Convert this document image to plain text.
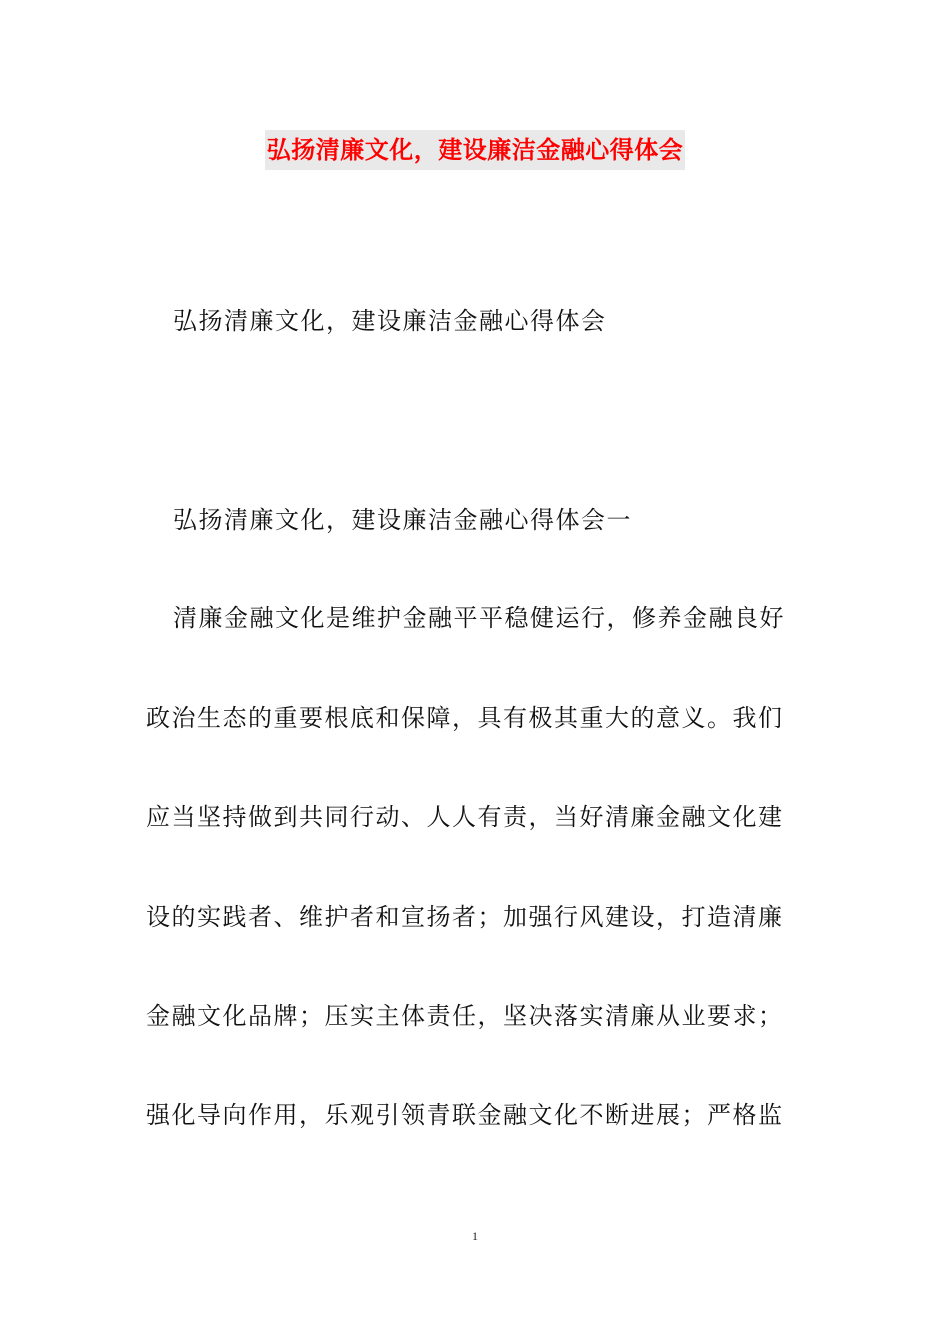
弘扬清廉文化，建设廉洁金融心得体会
弘扬清廉文化，建设廉洁金融心得体会
弘扬清廉文化，建设廉洁金融心得体会一
清廉金融文化是维护金融平平稳健运行，修养金融良好
政治生态的重要根底和保障，具有极其重大的意义。我们
应当坚持做到共同行动、人人有责，当好清廉金融文化建
设的实践者、维护者和宣扬者；加强行风建设，打造清廉
金融文化品牌；压实主体责任，坚决落实清廉从业要求；
强化导向作用，乐观引领青联金融文化不断进展；严格监
1
